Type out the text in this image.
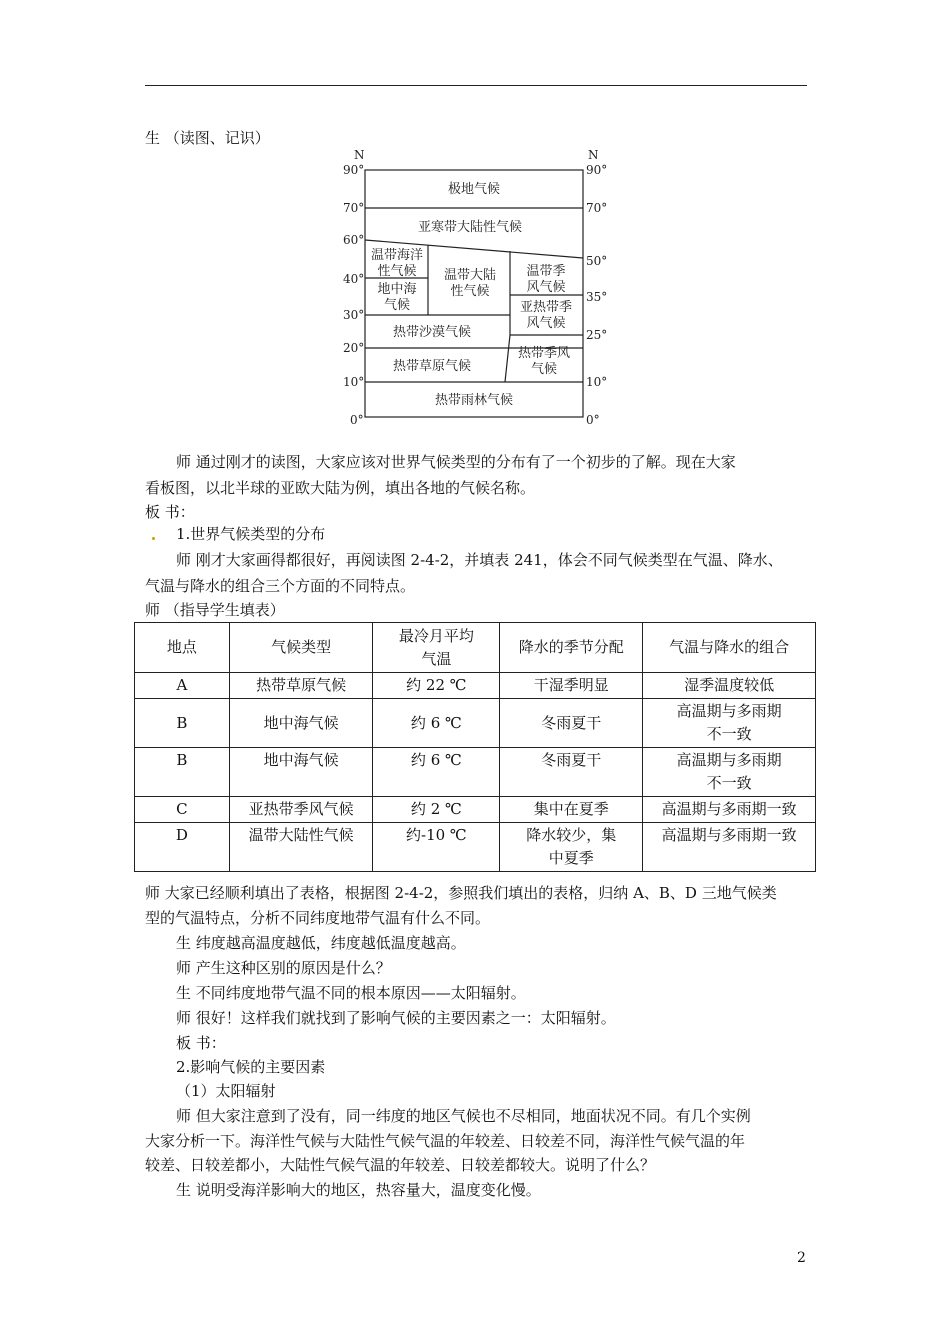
生 （读图、记识）
N	N
90°
70°
60°
40°
30°
20°
10°
0°
90°
70°
50°
35°
25°
10°
0°
极地气候
亚寒带大陆性气候
温带海洋
性气候
地中海
气候
温带大陆
性气候
温带季
风气候
亚热带季
风气候
热带沙漠气候
热带草原气候
热带季风
气候
热带雨林气候
师 通过刚才的读图，大家应该对世界气候类型的分布有了一个初步的了解。现在大家
看板图，以北半球的亚欧大陆为例，填出各地的气候名称。
板 书：
1.世界气候类型的分布
师 刚才大家画得都很好，再阅读图 2-4-2，并填表 241，体会不同气候类型在气温、降水、
气温与降水的组合三个方面的不同特点。
师 （指导学生填表）
地点	气候类型	最冷月平均气温	降水的季节分配	气温与降水的组合
A	热带草原气候	约 22 ℃	干湿季明显	湿季温度较低
B	地中海气候	约 6 ℃	冬雨夏干	高温期与多雨期不一致

B	地中海气候	约 6 ℃	冬雨夏干	高温期与多雨期不一致

C	亚热带季风气候	约 2 ℃	集中在夏季	高温期与多雨期一致
D	温带大陆性气候	约-10 ℃	降水较少，集中夏季	高温期与多雨期一致
师 大家已经顺利填出了表格，根据图 2-4-2，参照我们填出的表格，归纳 A、B、D 三地气候类
型的气温特点，分析不同纬度地带气温有什么不同。
生 纬度越高温度越低，纬度越低温度越高。
师 产生这种区别的原因是什么？
生 不同纬度地带气温不同的根本原因——太阳辐射。
师 很好！这样我们就找到了影响气候的主要因素之一：太阳辐射。
板 书：
2.影响气候的主要因素
（1）太阳辐射
师 但大家注意到了没有，同一纬度的地区气候也不尽相同，地面状况不同。有几个实例
大家分析一下。海洋性气候与大陆性气候气温的年较差、日较差不同，海洋性气候气温的年
较差、日较差都小，大陆性气候气温的年较差、日较差都较大。说明了什么？
生 说明受海洋影响大的地区，热容量大，温度变化慢。
2
